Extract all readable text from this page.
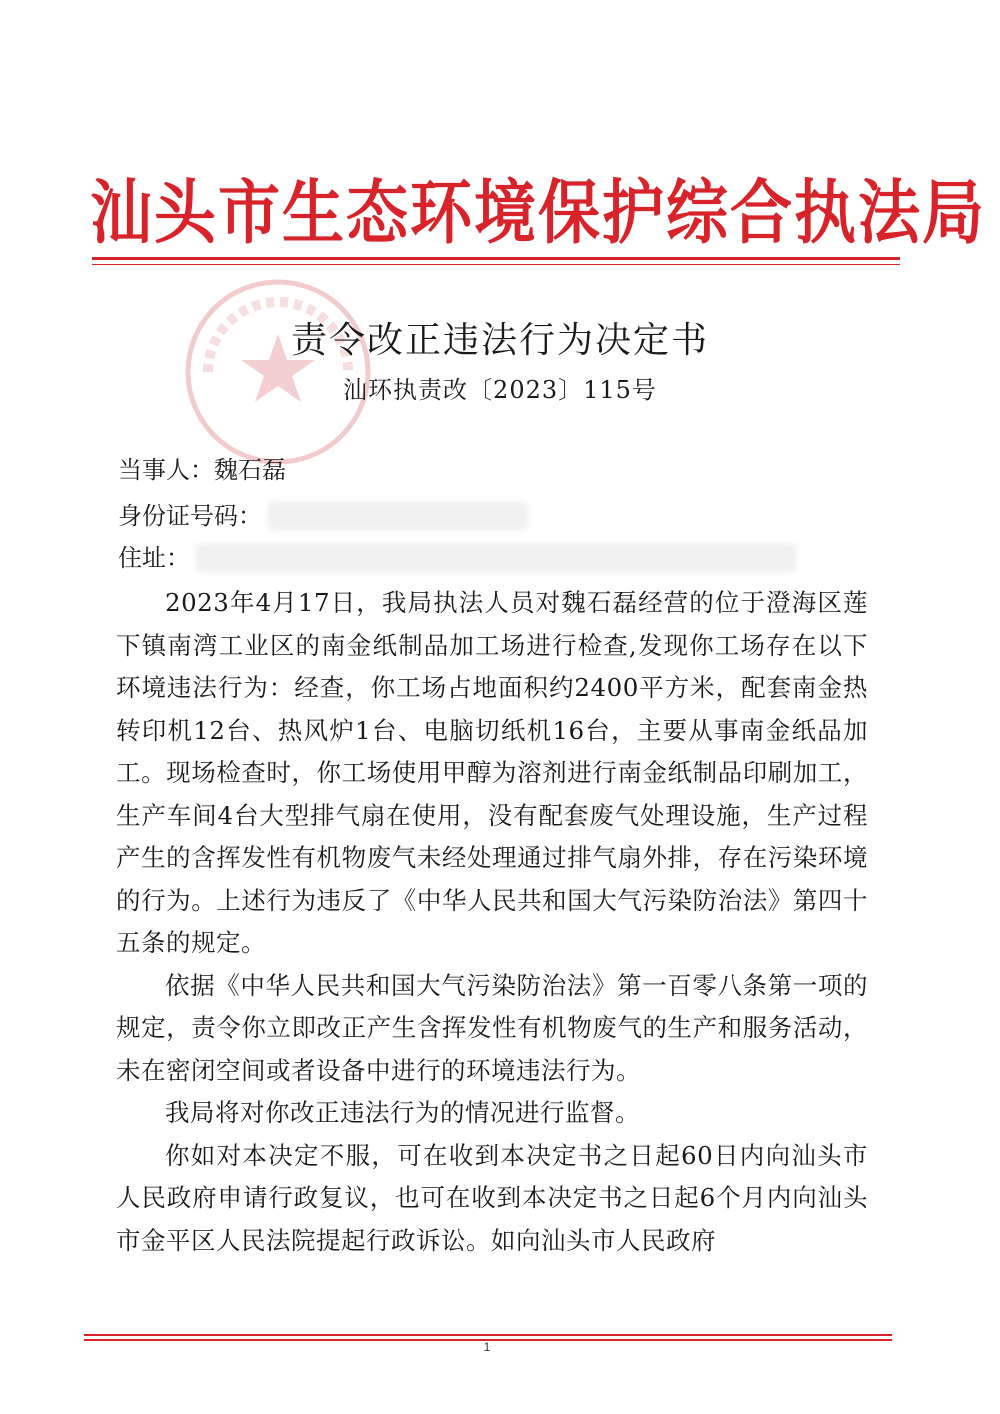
汕头市生态环境保护综合执法局
责令改正违法行为决定书
汕环执责改〔2023〕115号
当事人：魏石磊
身份证号码：
住址：

2023年4月17日，我局执法人员对魏石磊经营的位于澄海区莲下镇南湾工业区的南金纸制品加工场进行检查,发现你工场存在以下环境违法行为：经查，你工场占地面积约2400平方米，配套南金热转印机12台、热风炉1台、电脑切纸机16台，主要从事南金纸品加工。现场检查时，你工场使用甲醇为溶剂进行南金纸制品印刷加工，生产车间4台大型排气扇在使用，没有配套废气处理设施，生产过程产生的含挥发性有机物废气未经处理通过排气扇外排，存在污染环境的行为。上述行为违反了《中华人民共和国大气污染防治法》第四十五条的规定。

依据《中华人民共和国大气污染防治法》第一百零八条第一项的规定，责令你立即改正产生含挥发性有机物废气的生产和服务活动，未在密闭空间或者设备中进行的环境违法行为。

我局将对你改正违法行为的情况进行监督。

你如对本决定不服，可在收到本决定书之日起60日内向汕头市人民政府申请行政复议，也可在收到本决定书之日起6个月内向汕头市金平区人民法院提起行政诉讼。如向汕头市人民政府

1
